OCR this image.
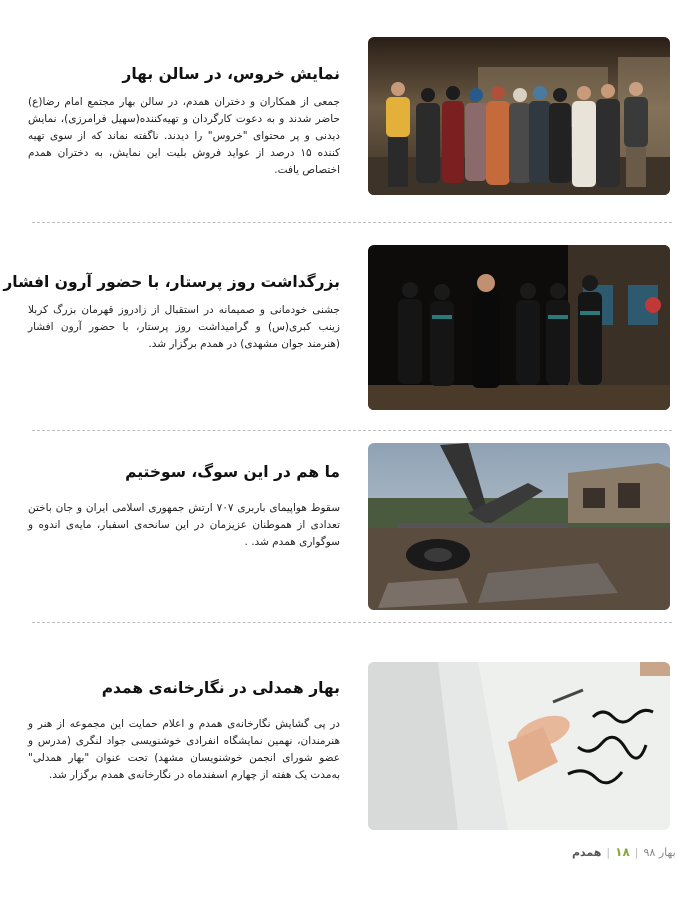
نمایش خروس، در سالن بهار

جمعی از همکاران و دختران همدم، در سالن بهار مجتمع امام رضا(ع) حاضر شدند و به دعوت کارگردان و تهیه‌کننده(سهیل فرامرزی)، نمایش دیدنی و پر محتوای "خروس" را دیدند. ناگفته نماند که از سوی تهیه کننده ۱۵ درصد از عواید فروش بلیت این نمایش، به دختران همدم اختصاص یافت.

بزرگداشت روز پرستار، با حضور آرون افشار

جشنی خودمانی و صمیمانه در استقبال از زادروز قهرمان بزرگ کربلا زینب کبری(س) و گرامیداشت روز پرستار، با حضور آرون افشار (هنرمند جوان مشهدی) در همدم برگزار شد.

ما هم در این سوگ، سوختیم

سقوط هواپیمای باربری ۷۰۷ ارتش جمهوری اسلامی ایران و جان باختن تعدادی از هموطنان عزیزمان در این سانحه‌ی اسفبار، مایه‌ی اندوه و سوگواری همدم شد. .

بهار همدلی در نگارخانه‌ی همدم

در پی گشایش نگارخانه‌ی همدم و اعلام حمایت این مجموعه از هنر و هنرمندان، نهمین نمایشگاه انفرادی خوشنویسی جواد لنگری (مدرس و عضو شورای انجمن خوشنویسان مشهد) تحت عنوان "بهار همدلی" به‌مدت یک هفته از چهارم اسفندماه در نگارخانه‌ی همدم برگزار شد.

بهار ۹۸
|
۱۸
|
همدم
